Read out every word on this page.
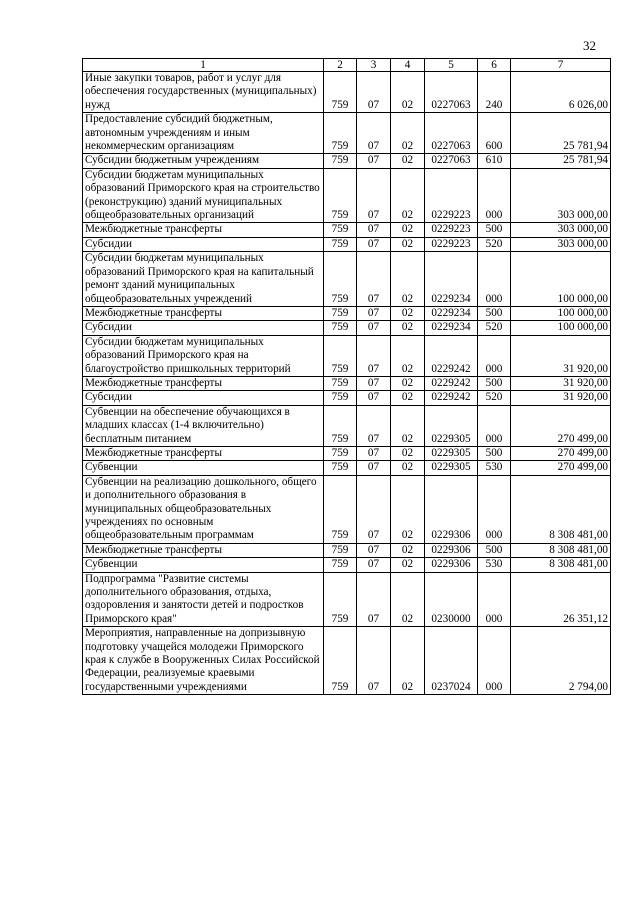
32
1	2	3	4	5	6	7
Иные закупки товаров, работ и услуг для обеспечения государственных (муниципальных) нужд	759	07	02	0227063	240	6 026,00
Предоставление субсидий бюджетным, автономным учреждениям и иным некоммерческим организациям	759	07	02	0227063	600	25 781,94
Субсидии бюджетным учреждениям	759	07	02	0227063	610	25 781,94
Субсидии бюджетам муниципальных образований Приморского края на строительство (реконструкцию) зданий муниципальных общеобразовательных организаций	759	07	02	0229223	000	303 000,00
Межбюджетные трансферты	759	07	02	0229223	500	303 000,00
Субсидии	759	07	02	0229223	520	303 000,00
Субсидии бюджетам муниципальных образований Приморского края на капитальный ремонт зданий муниципальных общеобразовательных учреждений	759	07	02	0229234	000	100 000,00
Межбюджетные трансферты	759	07	02	0229234	500	100 000,00
Субсидии	759	07	02	0229234	520	100 000,00
Субсидии бюджетам муниципальных образований Приморского края на благоустройство пришкольных территорий	759	07	02	0229242	000	31 920,00
Межбюджетные трансферты	759	07	02	0229242	500	31 920,00
Субсидии	759	07	02	0229242	520	31 920,00
Субвенции на обеспечение обучающихся в младших классах (1-4 включительно) бесплатным питанием	759	07	02	0229305	000	270 499,00
Межбюджетные трансферты	759	07	02	0229305	500	270 499,00
Субвенции	759	07	02	0229305	530	270 499,00
Субвенции на реализацию дошкольного, общего и дополнительного образования в муниципальных общеобразовательных учреждениях по основным общеобразовательным программам	759	07	02	0229306	000	8 308 481,00
Межбюджетные трансферты	759	07	02	0229306	500	8 308 481,00
Субвенции	759	07	02	0229306	530	8 308 481,00
Подпрограмма "Развитие системы дополнительного образования, отдыха, оздоровления и занятости детей и подростков Приморского края"	759	07	02	0230000	000	26 351,12
Мероприятия, направленные на допризывную подготовку учащейся молодежи Приморского края к службе в Вооруженных Силах Российской Федерации, реализуемые краевыми государственными учреждениями	759	07	02	0237024	000	2 794,00
